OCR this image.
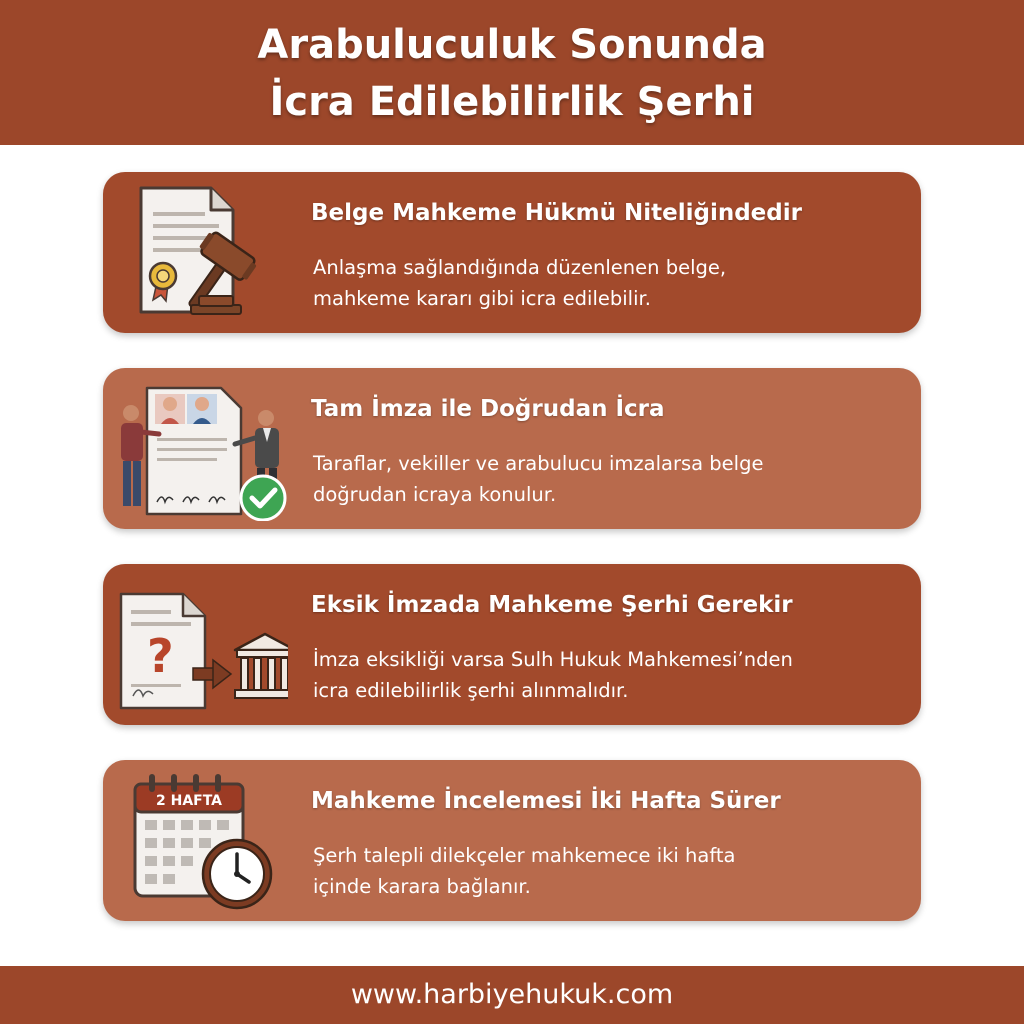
Arabuluculuk Sonunda
İcra Edilebilirlik Şerhi
Belge Mahkeme Hükmü Niteliğindedir
Anlaşma sağlandığında düzenlenen belge,
mahkeme kararı gibi icra edilebilir.
Tam İmza ile Doğrudan İcra
Taraflar, vekiller ve arabulucu imzalarsa belge
doğrudan icraya konulur.
?
Eksik İmzada Mahkeme Şerhi Gerekir
İmza eksikliği varsa Sulh Hukuk Mahkemesi’nden
icra edilebilirlik şerhi alınmalıdır.
2 HAFTA	Mahkeme İncelemesi İki Hafta Sürer
Şerh talepli dilekçeler mahkemece iki hafta
içinde karara bağlanır.
www.harbiyehukuk.com
